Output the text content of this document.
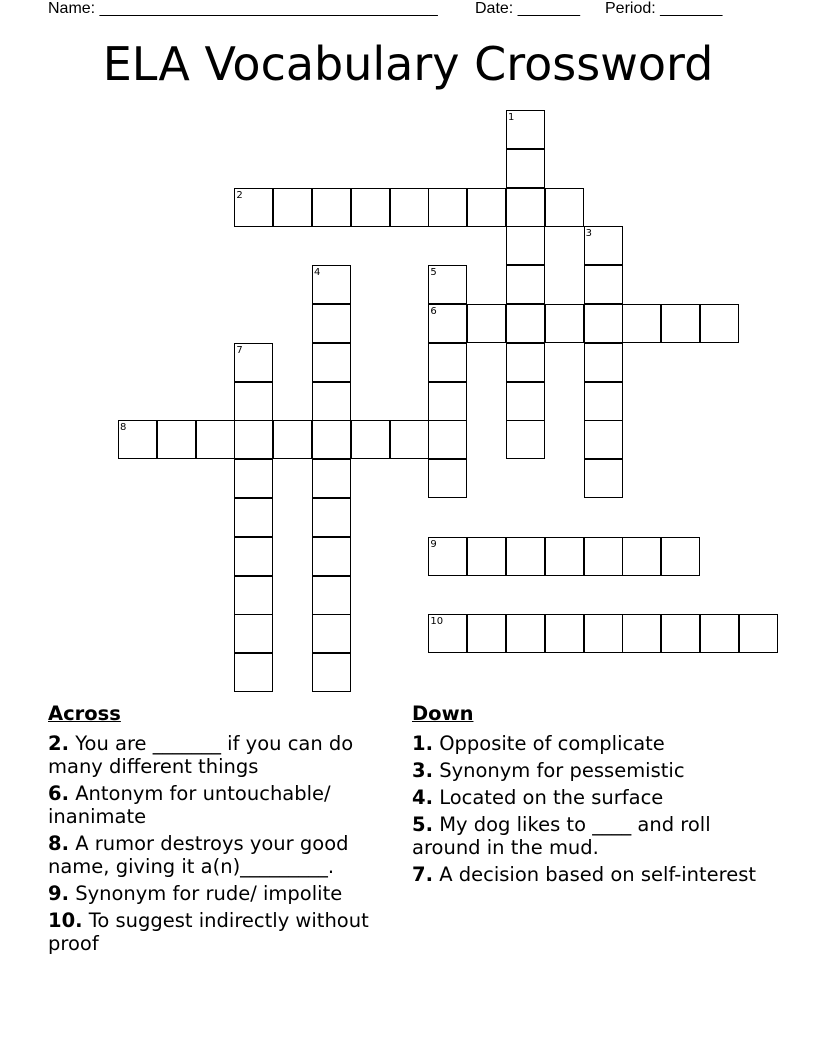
Name: ______________________________________

Date: _______

Period: _______

ELA Vocabulary Crossword
1
2
3
4	5
6
7
8
9
10
Across
2. You are _______ if you can do many different things
6. Antonym for untouchable/ inanimate
8. A rumor destroys your good name, giving it a(n)_________.
9. Synonym for rude/ impolite
10. To suggest indirectly without proof
Down
1. Opposite of complicate
3. Synonym for pessemistic
4. Located on the surface
5. My dog likes to ____ and roll around in the mud.
7. A decision based on self-interest
